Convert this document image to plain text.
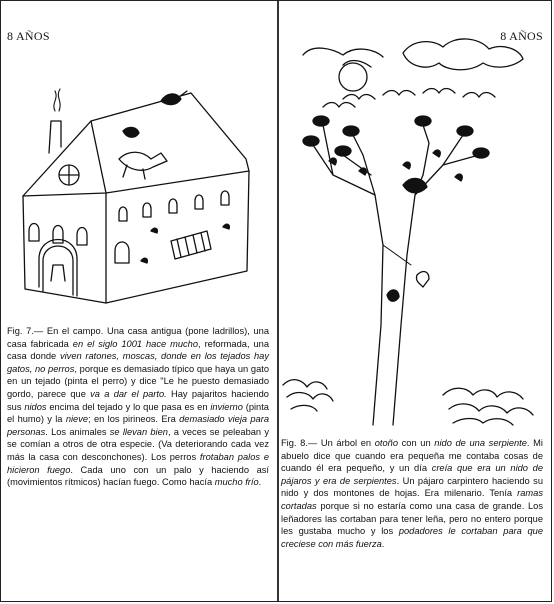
8 AÑOS	8 AÑOS

Fig. 7.— En el campo. Una casa antigua (pone ladrillos), una casa fabricada en el siglo 1001 hace mucho, reformada, una casa donde viven ratones, moscas, donde en los tejados hay gatos, no perros, porque es demasiado típico que haya un gato en un tejado (pinta el perro) y dice "Le he puesto demasiado gordo, parece que va a dar el parto. Hay pajaritos haciendo sus nidos encima del tejado y lo que pasa es en invierno (pinta el humo) y la nieve; en los pirineos. Era demasiado vieja para personas. Los animales se llevan bien, a veces se peleaban y se comían a otros de otra especie. (Va deteriorando cada vez más la casa con desconchones). Los perros frotaban palos e hicieron fuego. Cada uno con un palo y haciendo así (movimientos rítmicos) hacían fuego. Como hacía mucho frío.

Fig. 8.— Un árbol en otoño con un nido de una serpiente. Mi abuelo dice que cuando era pequeña me contaba cosas de cuando él era pequeño, y un día creía que era un nido de pájaros y era de serpientes. Un pájaro carpintero haciendo su nido y dos montones de hojas. Era milenario. Tenía ramas cortadas porque si no estaría como una casa de grande. Los leñadores las cortaban para tener leña, pero no entero porque les gustaba mucho y los podadores le cortaban para que creciese con más fuerza.
